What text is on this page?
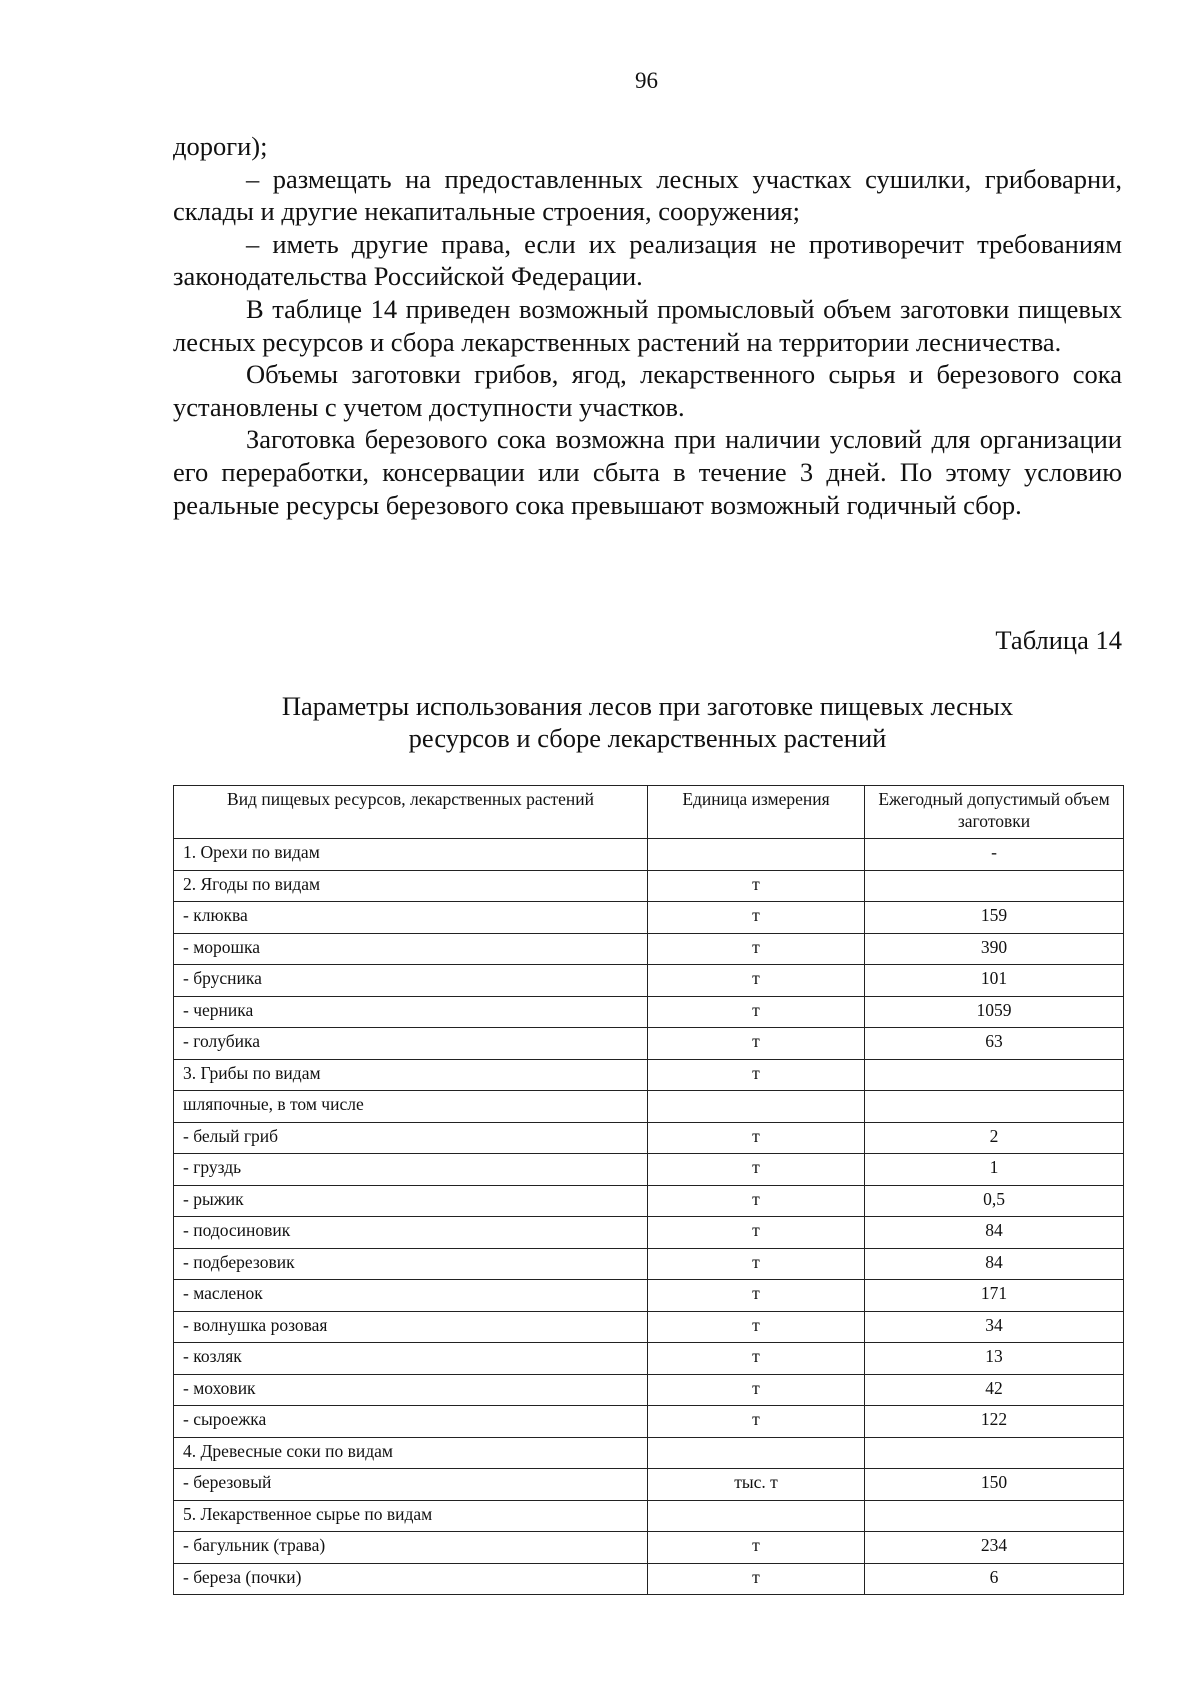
96

дороги);

– размещать на предоставленных лесных участках сушилки, грибоварни, склады и другие некапитальные строения, сооружения;

– иметь другие права, если их реализация не противоречит требованиям законодательства Российской Федерации.

В таблице 14 приведен возможный промысловый объем заготовки пищевых лесных ресурсов и сбора лекарственных растений на территории лесничества.

Объемы заготовки грибов, ягод, лекарственного сырья и березового сока установлены с учетом доступности участков.

Заготовка березового сока возможна при наличии условий для организации его переработки, консервации или сбыта в течение 3 дней. По этому условию реальные ресурсы березового сока превышают возможный годичный сбор.

Таблица 14
Параметры использования лесов при заготовке пищевых лесных
ресурсов и сборе лекарственных растений
Вид пищевых ресурсов, лекарственных растений	Единица измерения	Ежегодный допустимый объем заготовки
1. Орехи по видам		-
2. Ягоды по видам	т	
- клюква	т	159
- морошка	т	390
- брусника	т	101
- черника	т	1059
- голубика	т	63
3. Грибы по видам	т	
шляпочные, в том числе		
- белый гриб	т	2
- груздь	т	1
- рыжик	т	0,5
- подосиновик	т	84
- подберезовик	т	84
- масленок	т	171
- волнушка розовая	т	34
- козляк	т	13
- моховик	т	42
- сыроежка	т	122
4. Древесные соки по видам		
- березовый	тыс. т	150
5. Лекарственное сырье по видам		
- багульник (трава)	т	234
- береза (почки)	т	6
